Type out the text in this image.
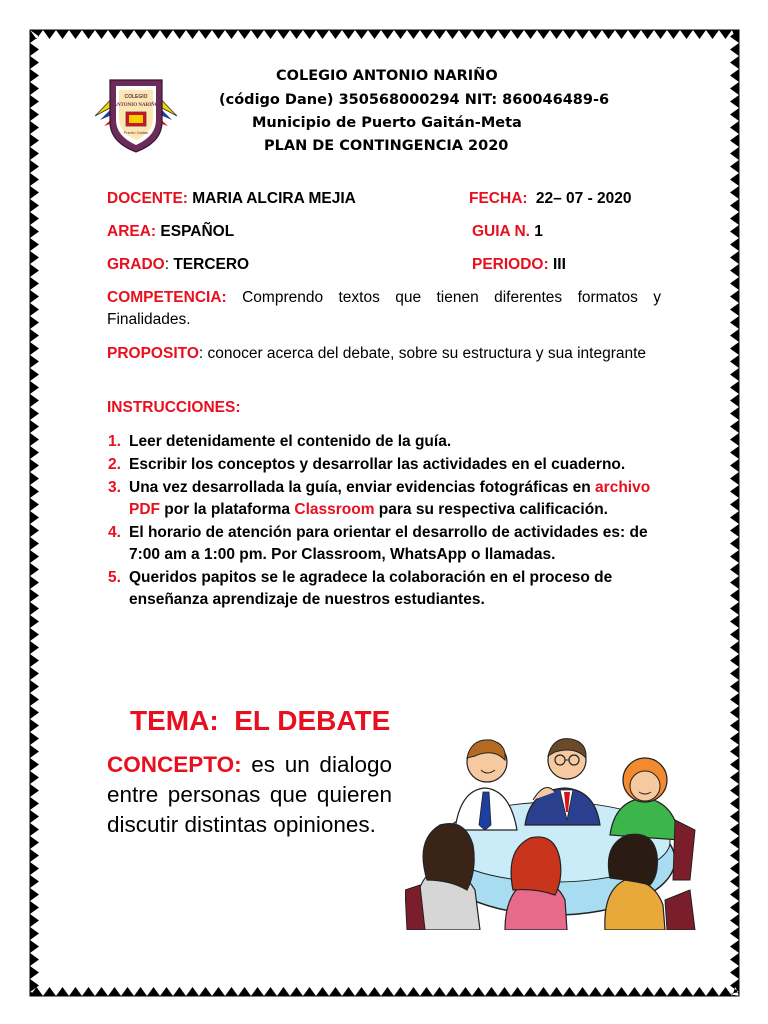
COLEGIO
ANTONIO NARIÑO
Puerto Gaitán
COLEGIO ANTONIO NARIÑO
(código Dane) 350568000294 NIT: 860046489-6
Municipio de Puerto Gaitán-Meta
PLAN DE CONTINGENCIA 2020
DOCENTE: MARIA ALCIRA MEJIA	FECHA: 22– 07 - 2020
AREA: ESPAÑOL	GUIA N. 1
GRADO: TERCERO	PERIODO: III
COMPETENCIA: Comprendo textos que tienen diferentes formatos y Finalidades.
PROPOSITO: conocer acerca del debate, sobre su estructura y sua integrante
INSTRUCCIONES:
1. Leer detenidamente el contenido de la guía.
2. Escribir los conceptos y desarrollar las actividades en el cuaderno.
3. Una vez desarrollada la guía, enviar evidencias fotográficas en archivo PDF por la plataforma Classroom para su respectiva calificación.
4. El horario de atención para orientar el desarrollo de actividades es: de 7:00 am a 1:00 pm. Por Classroom, WhatsApp o llamadas.
5. Queridos papitos se le agradece la colaboración en el proceso de enseñanza aprendizaje de nuestros estudiantes.
TEMA:  EL DEBATE
CONCEPTO: es un dialogo entre personas que quieren discutir distintas opiniones.
